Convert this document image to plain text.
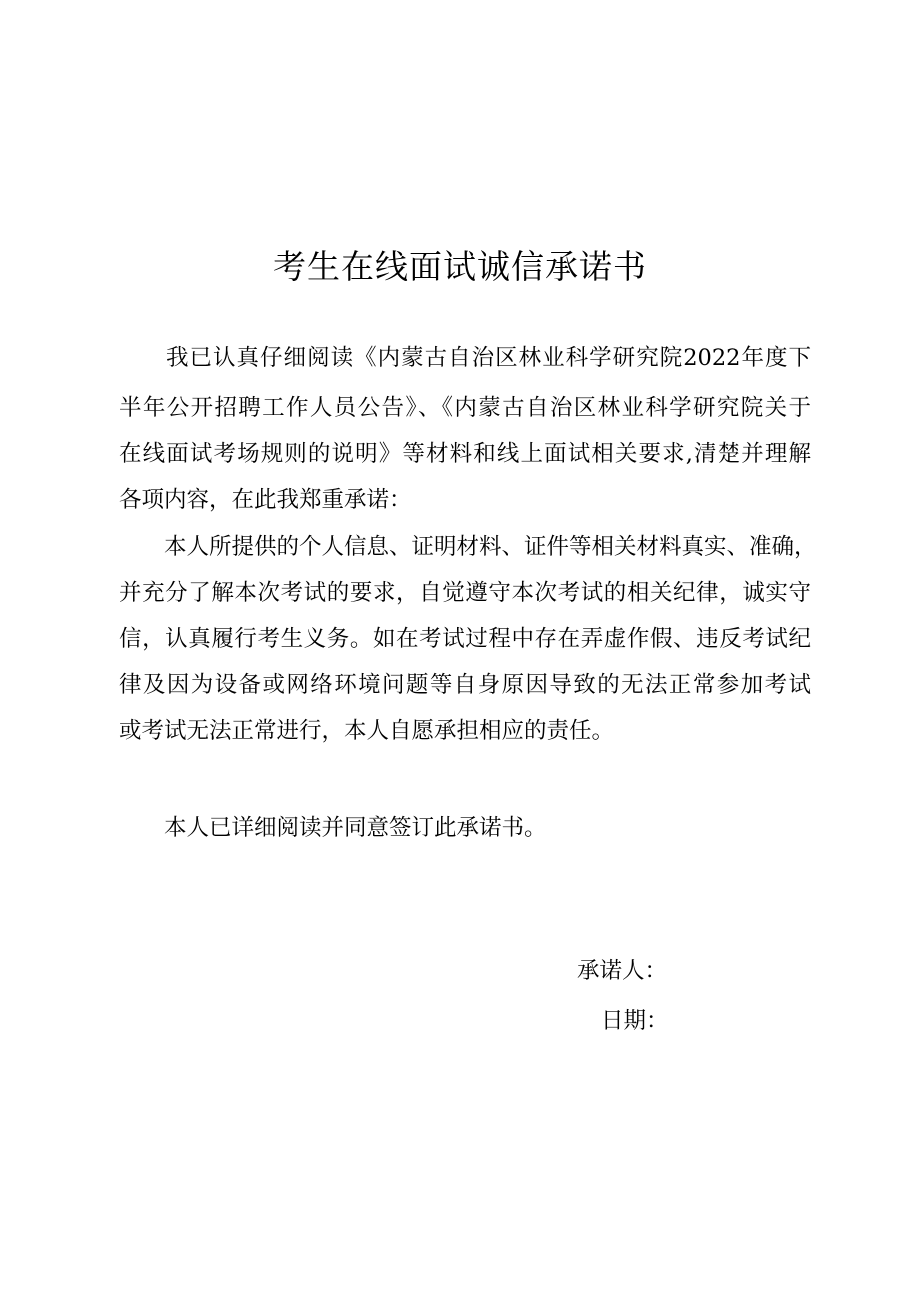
考生在线面试诚信承诺书
　　我已认真仔细阅读《内蒙古自治区林业科学研究院2022年度下
半年公开招聘工作人员公告》、《内蒙古自治区林业科学研究院关于
在线面试考场规则的说明》等材料和线上面试相关要求,清楚并理解
各项内容，在此我郑重承诺：
　　本人所提供的个人信息、证明材料、证件等相关材料真实、准确，
并充分了解本次考试的要求，自觉遵守本次考试的相关纪律，诚实守
信，认真履行考生义务。如在考试过程中存在弄虚作假、违反考试纪
律及因为设备或网络环境问题等自身原因导致的无法正常参加考试
或考试无法正常进行，本人自愿承担相应的责任。
　　本人已详细阅读并同意签订此承诺书。
承诺人：
日期：
